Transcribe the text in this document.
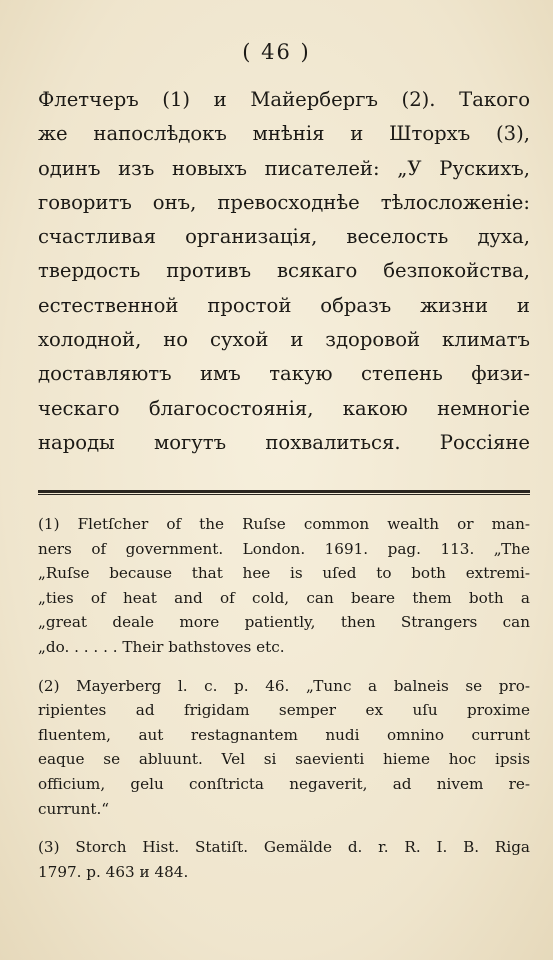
( 46 )
Флетчеръ (1) и Майербергъ (2). Такого
же напослѣдокъ мнѣнія и Шторхъ (3),
одинъ изъ новыхъ писателей: „У Рускихъ,
говоритъ онъ, превосходнѣе тѣлосложеніе:
счастливая организація, веселость духа,
твердость противъ всякаго безпокойства,
естественной простой образъ жизни и
холодной, но сухой и здоровой климатъ
доставляютъ имъ такую степень физи-
ческаго благосостоянія, какою немногіе
народы могутъ похвалиться. Россіяне
(1) Fletſcher of the Ruſse common wealth or man-
ners of government. London. 1691. pag. 113. „The
„Ruſse because that hee is uſed to both extremi-
„ties of heat and of cold, can beare them both a
„great deale more patiently, then Strangers can
„do. . . . . . Their bathstoves etc.
(2) Mayerberg l. c. p. 46. „Tunc a balneis se pro-
ripientes ad frigidam semper ex uſu proxime
fluentem, aut restagnantem nudi omnino currunt
eaque se abluunt. Vel si saevienti hieme hoc ipsis
officium, gelu conſtricta negaverit, ad nivem re-
currunt.“
(3) Storch Hist. Statiſt. Gemälde d. r. R. I. B. Riga
1797. p. 463 и 484.
